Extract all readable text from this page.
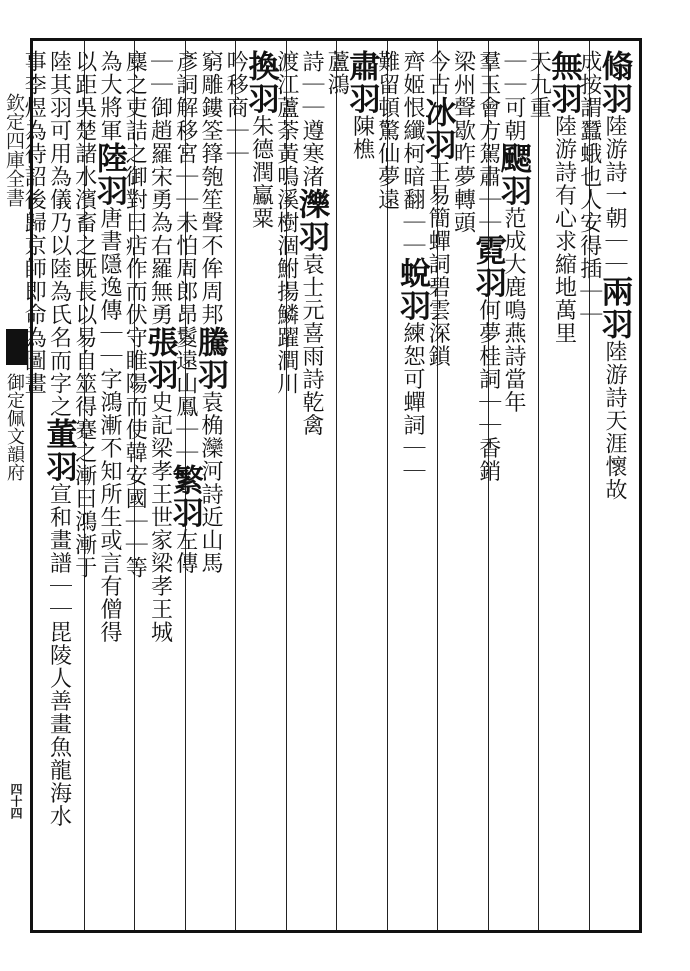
欽定四庫全書
御定佩文韻府
四十四
翛羽陸游詩一朝｜｜兩羽陸游詩天涯懷故
成按謂蠶蛾也人安得插｜｜
無羽陸游詩有心求縮地萬里
天九重
｜｜可朝颸羽范成大鹿鳴燕詩當年
羣玉會方駕肅｜｜霓羽何夢桂詞｜｜香銷
梁州聲歇昨夢轉頭
今古冰羽王易簡蟬詞碧雲深鎖
齊姬恨纖柯暗翻｜｜蛻羽練恕可蟬詞｜｜
難留頓驚仙夢遠
肅羽陳樵
蘆鴻
詩｜｜遵寒渚濼羽袁士元喜雨詩乾禽
渡江蘆荼黃鳴溪樹涸鮒揚鱗躍澗川
換羽朱德潤鸁粟
吟移商｜｜
窮雕鏤筌箨匏笙聲不侔周邦騰羽袁桷灤河詩近山馬
彥詞解移宮｜｜未怕周郎昂鬉遠山鳳｜｜繁羽左傳
｜｜御趙羅宋勇為右羅無勇張羽史記梁孝王世家梁孝王城
麋之吏詰之御對曰痁作而伏守睢陽而使韓安國｜｜等
為大將軍陸羽唐書隱逸傳｜｜字鴻漸不知所生或言有僧得
以距吳楚諸水濱畜之既長以易自筮得蹇之漸曰鴻漸于
陸其羽可用為儀乃以陸為氏名而字之董羽宣和畫譜｜｜毘陵人善畫魚龍海水
事李煜為待詔後歸京師即命為圖畫
